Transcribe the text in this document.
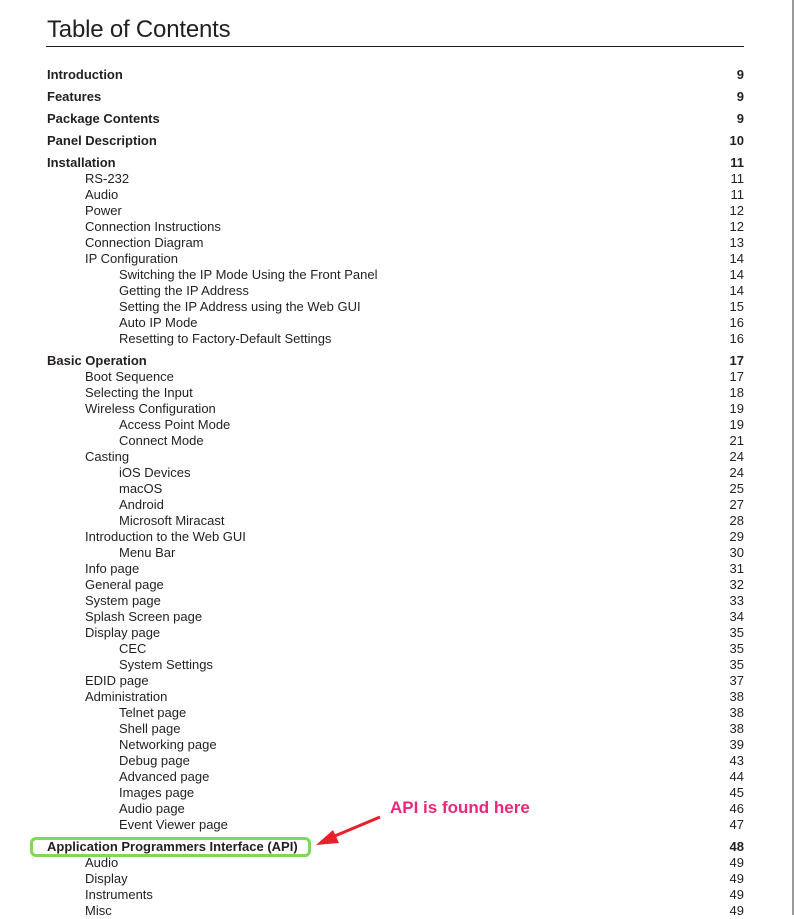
Table of Contents
Introduction	9
Features	9
Package Contents	9
Panel Description	10
Installation	11
RS-232	11
Audio	11
Power	12
Connection Instructions	12
Connection Diagram	13
IP Configuration	14
Switching the IP Mode Using the Front Panel	14
Getting the IP Address	14
Setting the IP Address using the Web GUI	15
Auto IP Mode	16
Resetting to Factory-Default Settings	16
Basic Operation	17
Boot Sequence	17
Selecting the Input	18
Wireless Configuration	19
Access Point Mode	19
Connect Mode	21
Casting	24
iOS Devices	24
macOS	25
Android	27
Microsoft Miracast	28
Introduction to the Web GUI	29
Menu Bar	30
Info page	31
General page	32
System page	33
Splash Screen page	34
Display page	35
CEC	35
System Settings	35
EDID page	37
Administration	38
Telnet page	38
Shell page	38
Networking page	39
Debug page	43
Advanced page	44
Images page	45
Audio page	46
Event Viewer page	47
Application Programmers Interface (API)	48
Audio	49
Display	49
Instruments	49
Misc	49
API is found here
